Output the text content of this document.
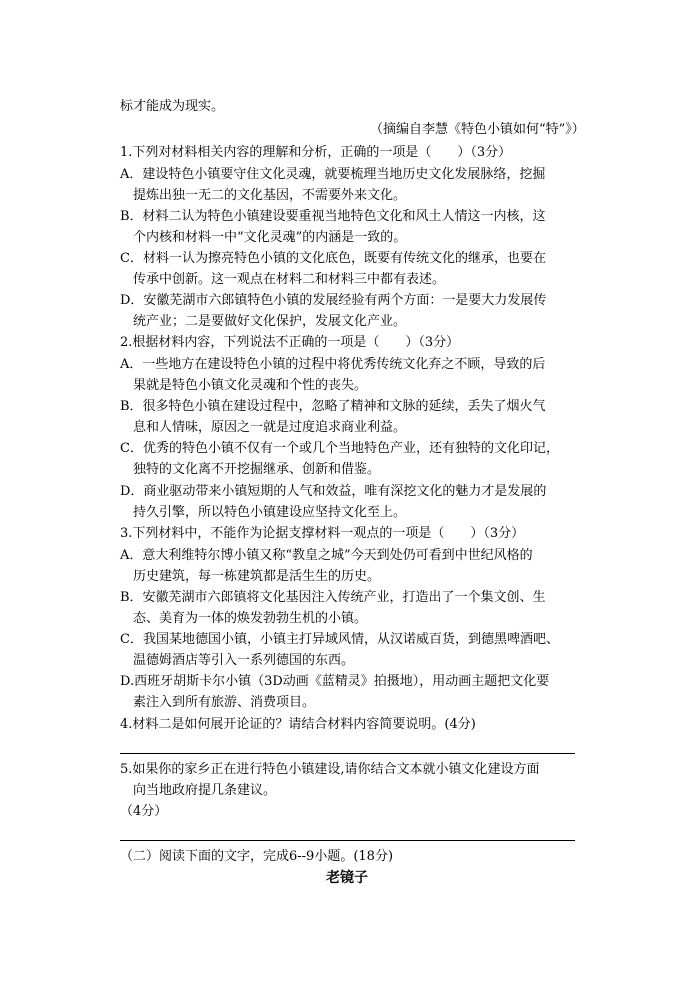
标才能成为现实。
（摘编自李慧《特色小镇如何“特”》）
1.下列对材料相关内容的理解和分析，正确的一项是（　　）（3分）
A．建设特色小镇要守住文化灵魂，就要梳理当地历史文化发展脉络，挖掘
提炼出独一无二的文化基因，不需要外来文化。
B．材料二认为特色小镇建设要重视当地特色文化和风土人情这一内核，这
个内核和材料一中“文化灵魂”的内涵是一致的。
C．材料一认为擦亮特色小镇的文化底色，既要有传统文化的继承，也要在
传承中创新。这一观点在材料二和材料三中都有表述。
D．安徽芜湖市六郎镇特色小镇的发展经验有两个方面：一是要大力发展传
统产业；二是要做好文化保护，发展文化产业。
2.根据材料内容，下列说法不正确的一项是（　　）（3分）
A．一些地方在建设特色小镇的过程中将优秀传统文化弃之不顾，导致的后
果就是特色小镇文化灵魂和个性的丧失。
B．很多特色小镇在建设过程中，忽略了精神和文脉的延续，丢失了烟火气
息和人情味，原因之一就是过度追求商业利益。
C．优秀的特色小镇不仅有一个或几个当地特色产业，还有独特的文化印记，
独特的文化离不开挖掘继承、创新和借鉴。
D．商业驱动带来小镇短期的人气和效益，唯有深挖文化的魅力才是发展的
持久引擎，所以特色小镇建设应坚持文化至上。
3.下列材料中，不能作为论据支撑材料一观点的一项是（　　）（3分）
A．意大利维特尔博小镇又称“教皇之城”今天到处仍可看到中世纪风格的
历史建筑，每一栋建筑都是活生生的历史。
B．安徽芜湖市六郎镇将文化基因注入传统产业，打造出了一个集文创、生
态、美育为一体的焕发勃勃生机的小镇。
C．我国某地德国小镇，小镇主打异域风情，从汉诺威百货，到德黑啤酒吧、
温德姆酒店等引入一系列德国的东西。
D.西班牙胡斯卡尔小镇（3D动画《蓝精灵》拍摄地），用动画主题把文化要
素注入到所有旅游、消费项目。
4.材料二是如何展开论证的？请结合材料内容简要说明。(4分)
5.如果你的家乡正在进行特色小镇建设,请你结合文本就小镇文化建设方面
向当地政府提几条建议。
（4分）
（二）阅读下面的文字，完成6--9小题。(18分)
老镜子
